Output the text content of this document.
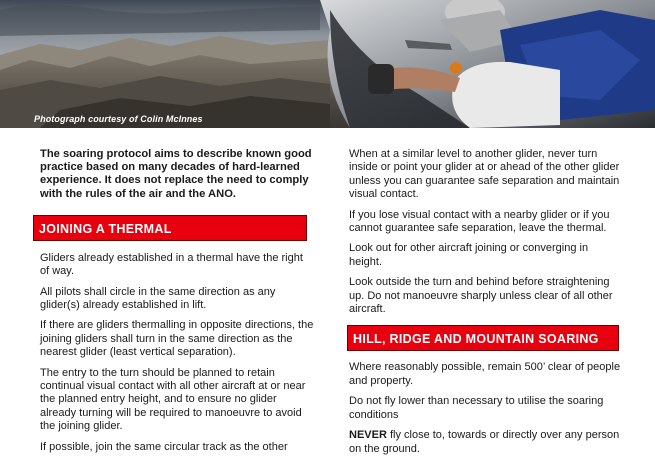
Photograph courtesy of Colin McInnes

The soaring protocol aims to describe known good practice based on many decades of hard-learned experience. It does not replace the need to comply with the rules of the air and the ANO.

JOINING A THERMAL

Gliders already established in a thermal have the right of way.

All pilots shall circle in the same direction as any glider(s) already established in lift.

If there are gliders thermalling in opposite directions, the joining gliders shall turn in the same direction as the nearest glider (least vertical separation).

The entry to the turn should be planned to retain continual visual contact with all other aircraft at or near the planned entry height, and to ensure no glider already turning will be required to manoeuvre to avoid the joining glider.

If possible, join the same circular track as the other

When at a similar level to another glider, never turn inside or point your glider at or ahead of the other glider unless you can guarantee safe separation and maintain visual contact.

If you lose visual contact with a nearby glider or if you cannot guarantee safe separation, leave the thermal.

Look out for other aircraft joining or converging in height.

Look outside the turn and behind before straightening up. Do not manoeuvre sharply unless clear of all other aircraft.

HILL, RIDGE AND MOUNTAIN SOARING

Where reasonably possible, remain 500’ clear of people and property.

Do not fly lower than necessary to utilise the soaring conditions

NEVER fly close to, towards or directly over any person on the ground.
